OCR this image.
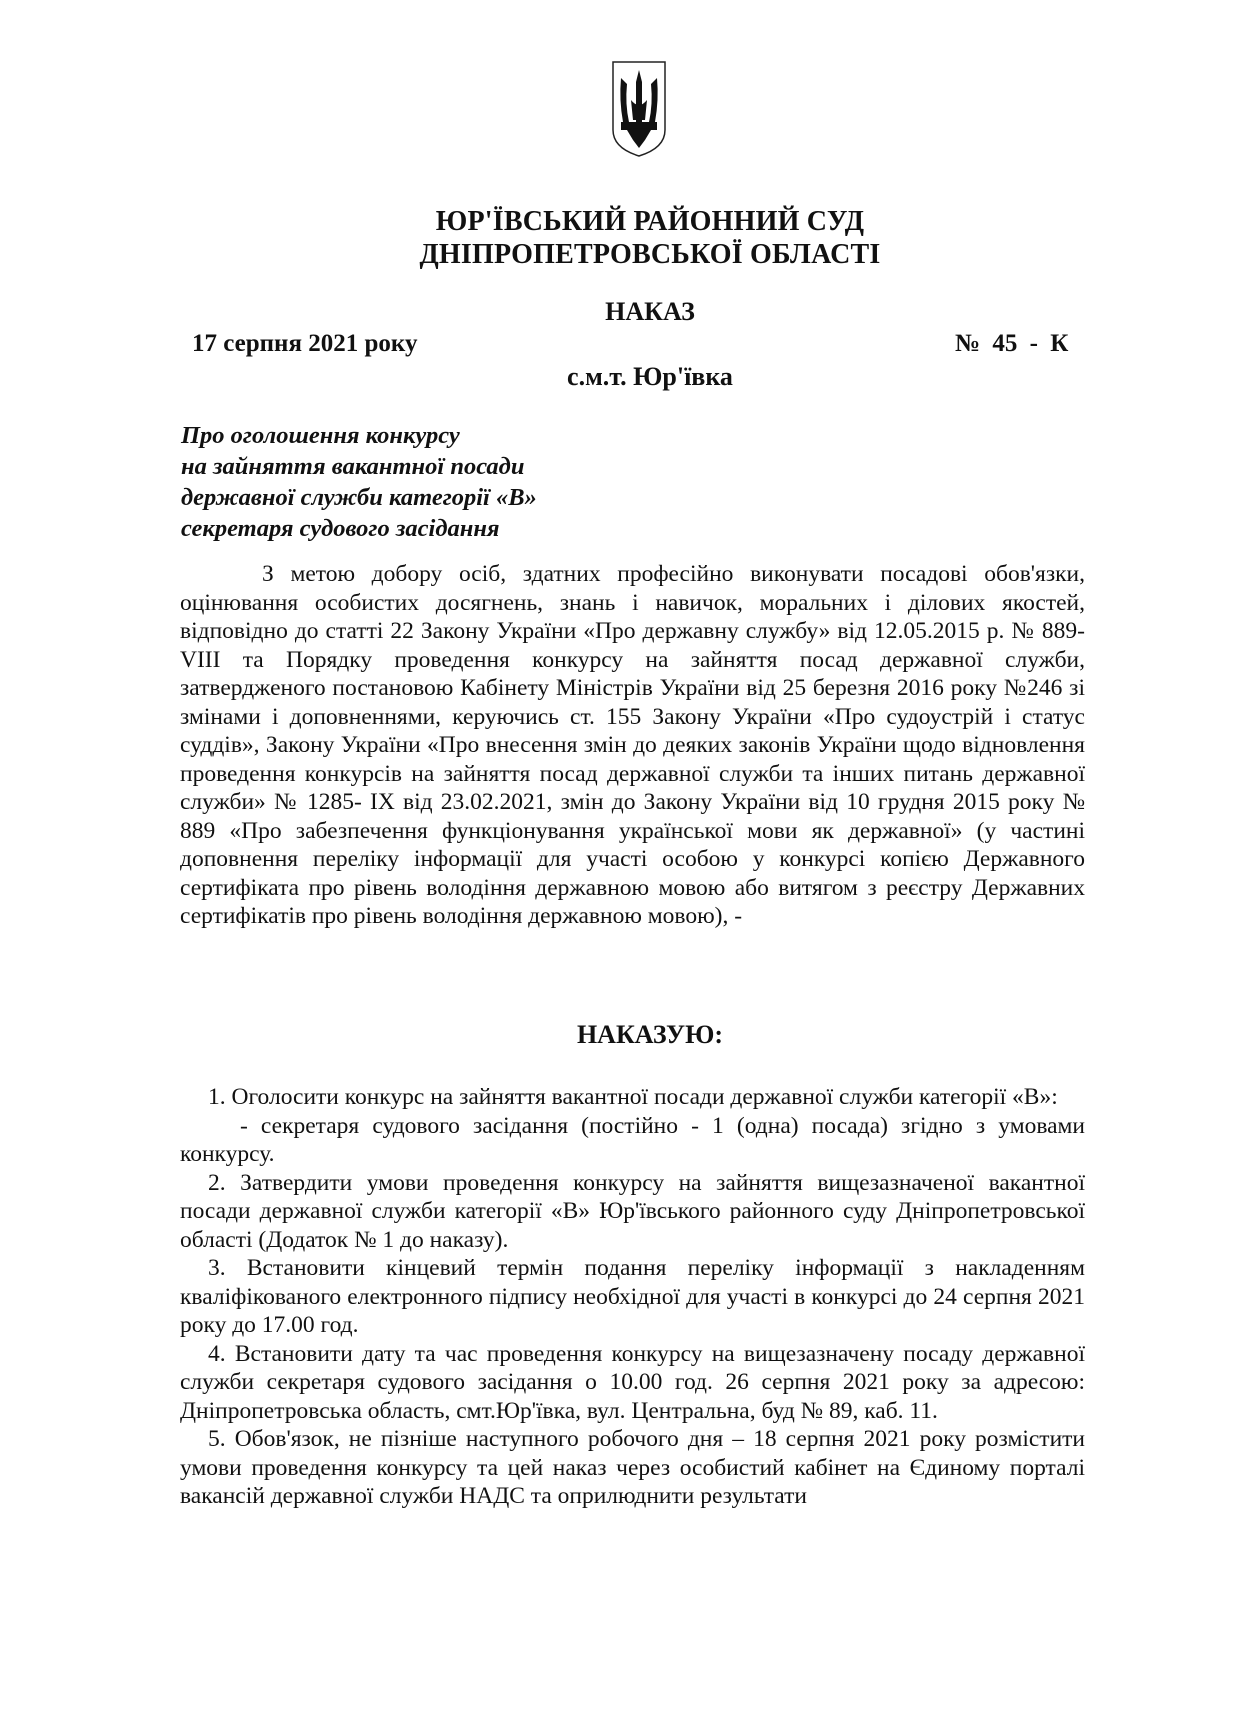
ЮР'ЇВСЬКИЙ РАЙОННИЙ СУД
ДНІПРОПЕТРОВСЬКОЇ ОБЛАСТІ
НАКАЗ
17 серпня 2021 року	№ 45 - К
с.м.т. Юр'ївка
Про оголошення конкурсу
на зайняття вакантної посади
державної служби категорії «В»
секретаря судового засідання

З метою добору осіб, здатних професійно виконувати посадові обов'язки, оцінювання особистих досягнень, знань і навичок, моральних і ділових якостей, відповідно до статті 22 Закону України «Про державну службу» від 12.05.2015 р. № 889-VIII та Порядку проведення конкурсу на зайняття посад державної служби, затвердженого постановою Кабінету Міністрів України від 25 березня 2016 року №246 зі змінами і доповненнями, керуючись ст. 155 Закону України «Про судоустрій і статус суддів», Закону України «Про внесення змін до деяких законів України щодо відновлення проведення конкурсів на зайняття посад державної служби та інших питань державної служби» № 1285- ІХ від 23.02.2021, змін до Закону України від 10 грудня 2015 року № 889 «Про забезпечення функціонування української мови як державної» (у частині доповнення переліку інформації для участі особою у конкурсі копією Державного сертифіката про рівень володіння державною мовою або витягом з реєстру Державних сертифікатів про рівень володіння державною мовою), -

НАКАЗУЮ:

1. Оголосити конкурс на зайняття вакантної посади державної служби категорії «В»:

- секретаря судового засідання (постійно - 1 (одна) посада) згідно з умовами конкурсу.

2. Затвердити умови проведення конкурсу на зайняття вищезазначеної вакантної посади державної служби категорії «В» Юр'ївського районного суду Дніпропетровської області (Додаток № 1 до наказу).

3. Встановити кінцевий термін подання переліку інформації з накладенням кваліфікованого електронного підпису необхідної для участі в конкурсі до 24 серпня 2021 року до 17.00 год.

4. Встановити дату та час проведення конкурсу на вищезазначену посаду державної служби секретаря судового засідання о 10.00 год. 26 серпня 2021 року за адресою: Дніпропетровська область, смт.Юр'ївка, вул. Центральна, буд № 89, каб. 11.

5. Обов'язок, не пізніше наступного робочого дня – 18 серпня 2021 року розмістити умови проведення конкурсу та цей наказ через особистий кабінет на Єдиному порталі вакансій державної служби НАДС та оприлюднити результати
